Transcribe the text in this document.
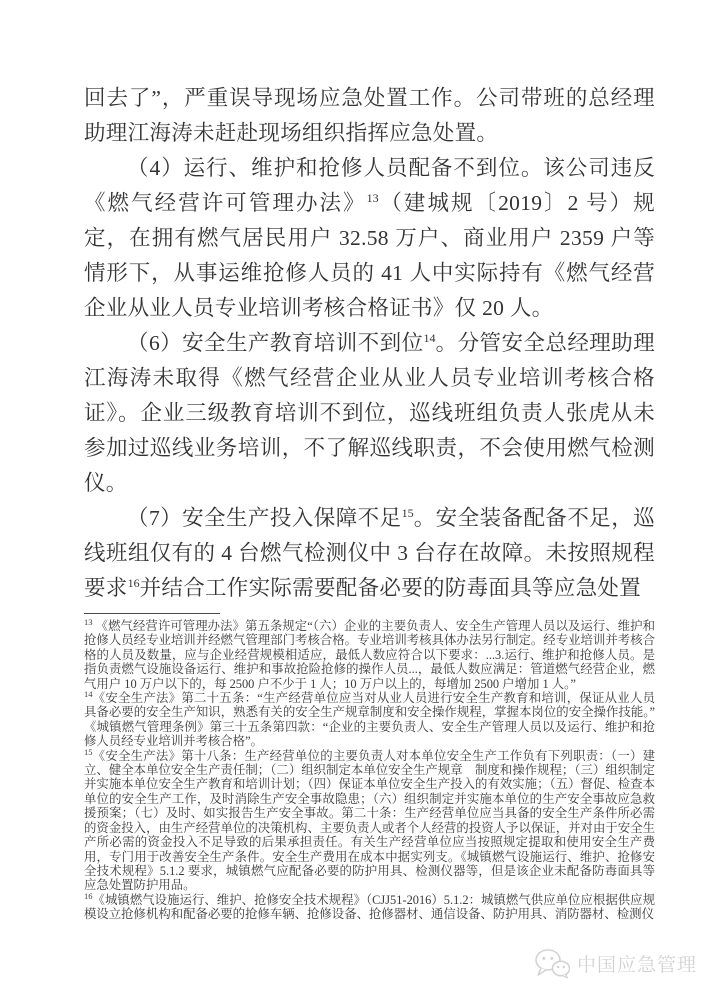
回去了”，严重误导现场应急处置工作。公司带班的总经理助理江海涛未赶赴现场组织指挥应急处置。

（4）运行、维护和抢修人员配备不到位。该公司违反《燃气经营许可管理办法》$^{13}$（建城规〔2019〕2 号）规定，在拥有燃气居民用户 32.58 万户、商业用户 2359 户等情形下，从事运维抢修人员的 41 人中实际持有《燃气经营企业从业人员专业培训考核合格证书》仅 20 人。

（6）安全生产教育培训不到位$^{14}$。分管安全总经理助理江海涛未取得《燃气经营企业从业人员专业培训考核合格证》。企业三级教育培训不到位，巡线班组负责人张虎从未参加过巡线业务培训，不了解巡线职责，不会使用燃气检测仪。

（7）安全生产投入保障不足$^{15}$。安全装备配备不足，巡线班组仅有的 4 台燃气检测仪中 3 台存在故障。未按照规程要求$^{16}$并结合工作实际需要配备必要的防毒面具等应急处置

$^{13}$ 《燃气经营许可管理办法》第五条规定“（六）企业的主要负责人、安全生产管理人员以及运行、维护和抢修人员经专业培训并经燃气管理部门考核合格。专业培训考核具体办法另行制定。经专业培训并考核合格的人员及数量，应与企业经营规模相适应，最低人数应符合以下要求：...3.运行、维护和抢修人员。是指负责燃气设施设备运行、维护和事故抢险抢修的操作人员...，最低人数应满足：管道燃气经营企业，燃气用户 10 万户以下的，每 2500 户不少于 1 人；10 万户以上的，每增加 2500 户增加 1 人。”

$^{14}$《安全生产法》第二十五条：“生产经营单位应当对从业人员进行安全生产教育和培训，保证从业人员具备必要的安全生产知识，熟悉有关的安全生产规章制度和安全操作规程，掌握本岗位的安全操作技能。”《城镇燃气管理条例》第三十五条第四款：“企业的主要负责人、安全生产管理人员以及运行、维护和抢修人员经专业培训并考核合格”。

$^{15}$《安全生产法》第十八条：生产经营单位的主要负责人对本单位安全生产工作负有下列职责：（一）建立、健全本单位安全生产责任制；（二）组织制定本单位安全生产规章　制度和操作规程；（三）组织制定并实施本单位安全生产教育和培训计划；（四）保证本单位安全生产投入的有效实施；（五）督促、检查本单位的安全生产工作，及时消除生产安全事故隐患；（六）组织制定并实施本单位的生产安全事故应急救援预案；（七）及时、如实报告生产安全事故。第二十条：生产经营单位应当具备的安全生产条件所必需的资金投入，由生产经营单位的决策机构、主要负责人或者个人经营的投资人予以保证，并对由于安全生产所必需的资金投入不足导致的后果承担责任。有关生产经营单位应当按照规定提取和使用安全生产费用，专门用于改善安全生产条件。安全生产费用在成本中据实列支。《城镇燃气设施运行、维护、抢修安全技术规程》5.1.2 要求，城镇燃气应配备必要的防护用具、检测仪器等，但是该企业未配备防毒面具等应急处置防护用品。

$^{16}$《城镇燃气设施运行、维护、抢修安全技术规程》（CJJ51-2016）5.1.2：城镇燃气供应单位应根据供应规模设立抢修机构和配备必要的抢修车辆、抢修设备、抢修器材、通信设备、防护用具、消防器材、检测仪

中国应急管理
